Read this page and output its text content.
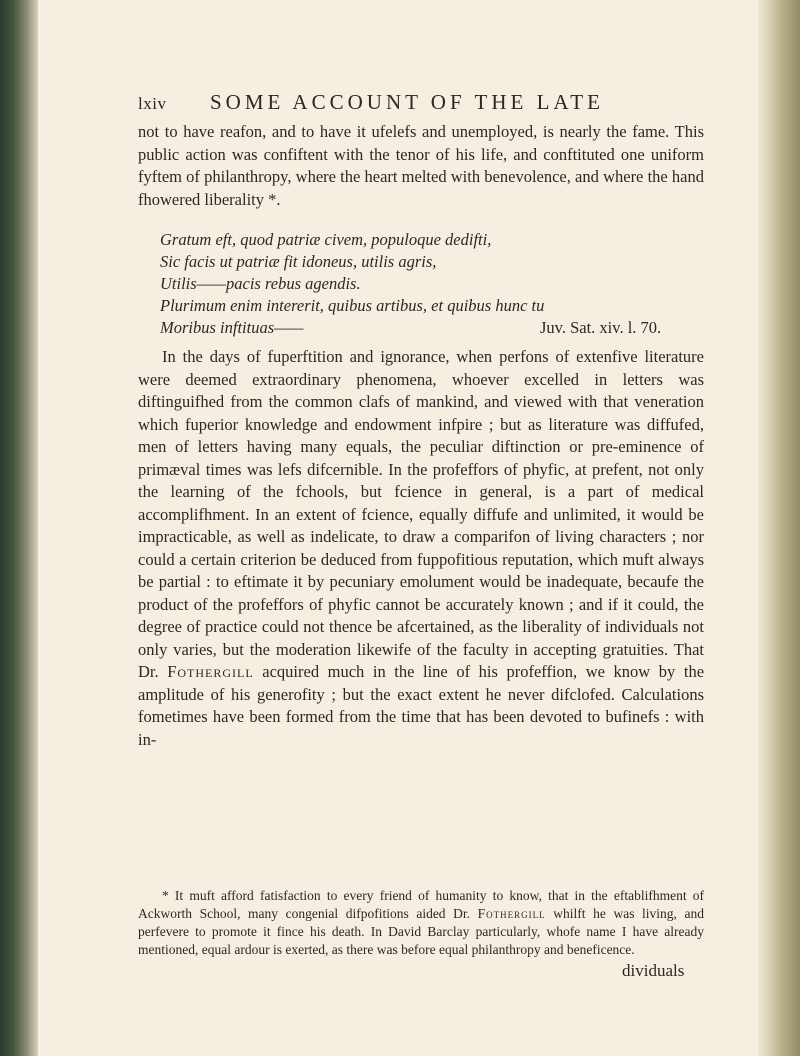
lxiv SOME ACCOUNT OF THE LATE

not to have reafon, and to have it ufelefs and unemployed, is nearly the fame. This public action was confiftent with the tenor of his life, and conftituted one uniform fyftem of philanthropy, where the heart melted with benevolence, and where the hand fhowered liberality *.

Gratum eft, quod patriæ civem, populoque dedifti,
Sic facis ut patriæ fit idoneus, utilis agris,
Utilis——pacis rebus agendis.
Plurimum enim intererit, quibus artibus, et quibus hunc tu
Moribus inftituas——	Juv. Sat. xiv. l. 70.

In the days of fuperftition and ignorance, when perfons of extenfive literature were deemed extraordinary phenomena, whoever excelled in letters was diftinguifhed from the common clafs of mankind, and viewed with that veneration which fuperior knowledge and endowment infpire ; but as literature was diffufed, men of letters having many equals, the peculiar diftinction or pre-eminence of primæval times was lefs difcernible. In the profeffors of phyfic, at prefent, not only the learning of the fchools, but fcience in general, is a part of medical accomplifhment. In an extent of fcience, equally diffufe and unlimited, it would be impracticable, as well as indelicate, to draw a comparifon of living characters ; nor could a certain criterion be deduced from fuppofitious reputation, which muft always be partial : to eftimate it by pecuniary emolument would be inadequate, becaufe the product of the profeffors of phyfic cannot be accurately known ; and if it could, the degree of practice could not thence be afcertained, as the liberality of individuals not only varies, but the moderation likewife of the faculty in accepting gratuities. That Dr. Fothergill acquired much in the line of his profeffion, we know by the amplitude of his generofity ; but the exact extent he never difclofed. Calculations fometimes have been formed from the time that has been devoted to bufinefs : with in-

* It muft afford fatisfaction to every friend of humanity to know, that in the eftablifhment of Ackworth School, many congenial difpofitions aided Dr. Fothergill whilft he was living, and perfevere to promote it fince his death. In David Barclay particularly, whofe name I have already mentioned, equal ardour is exerted, as there was before equal philanthropy and beneficence.

dividuals
